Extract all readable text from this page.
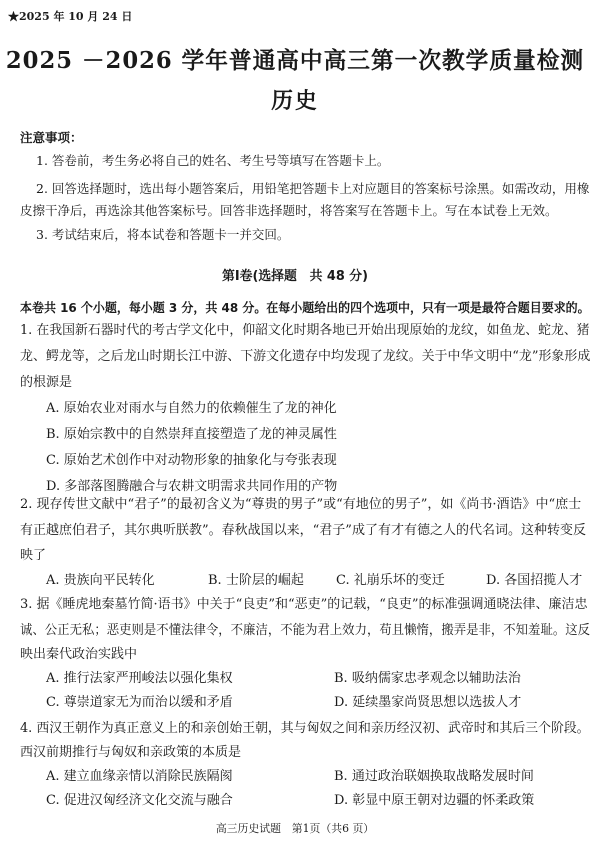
★2025 年 10 月 24 日
2025 －2026 学年普通高中高三第一次教学质量检测
历史
注意事项：
1. 答卷前，考生务必将自己的姓名、考生号等填写在答题卡上。
2. 回答选择题时，选出每小题答案后，用铅笔把答题卡上对应题目的答案标号涂黑。如需改动，用橡
皮擦干净后，再选涂其他答案标号。回答非选择题时，将答案写在答题卡上。写在本试卷上无效。
3. 考试结束后，将本试卷和答题卡一并交回。
第Ⅰ卷(选择题　共 48 分)
本卷共 16 个小题，每小题 3 分，共 48 分。在每小题给出的四个选项中，只有一项是最符合题目要求的。
1. 在我国新石器时代的考古学文化中，仰韶文化时期各地已开始出现原始的龙纹，如鱼龙、蛇龙、猪
龙、鳄龙等，之后龙山时期长江中游、下游文化遗存中均发现了龙纹。关于中华文明中“龙”形象形成
的根源是
A. 原始农业对雨水与自然力的依赖催生了龙的神化
B. 原始宗教中的自然崇拜直接塑造了龙的神灵属性
C. 原始艺术创作中对动物形象的抽象化与夸张表现
D. 多部落图腾融合与农耕文明需求共同作用的产物
2. 现存传世文献中“君子”的最初含义为“尊贵的男子”或“有地位的男子”，如《尚书·酒诰》中“庶士
有正越庶伯君子，其尔典听朕教”。春秋战国以来，“君子”成了有才有德之人的代名词。这种转变反
映了
A. 贵族向平民转化	B. 士阶层的崛起 C. 礼崩乐坏的变迁	D. 各国招揽人才
3. 据《睡虎地秦墓竹简·语书》中关于“良吏”和“恶吏”的记载，“良吏”的标准强调通晓法律、廉洁忠
诚、公正无私；恶吏则是不懂法律令，不廉洁，不能为君上效力，苟且懒惰，搬弄是非，不知羞耻。这反
映出秦代政治实践中
A. 推行法家严刑峻法以强化集权	B. 吸纳儒家忠孝观念以辅助法治
C. 尊崇道家无为而治以缓和矛盾	D. 延续墨家尚贤思想以选拔人才
4. 西汉王朝作为真正意义上的和亲创始王朝，其与匈奴之间和亲历经汉初、武帝时和其后三个阶段。
西汉前期推行与匈奴和亲政策的本质是
A. 建立血缘亲情以消除民族隔阂	B. 通过政治联姻换取战略发展时间
C. 促进汉匈经济文化交流与融合	D. 彰显中原王朝对边疆的怀柔政策
高三历史试题　第1页（共6 页）
